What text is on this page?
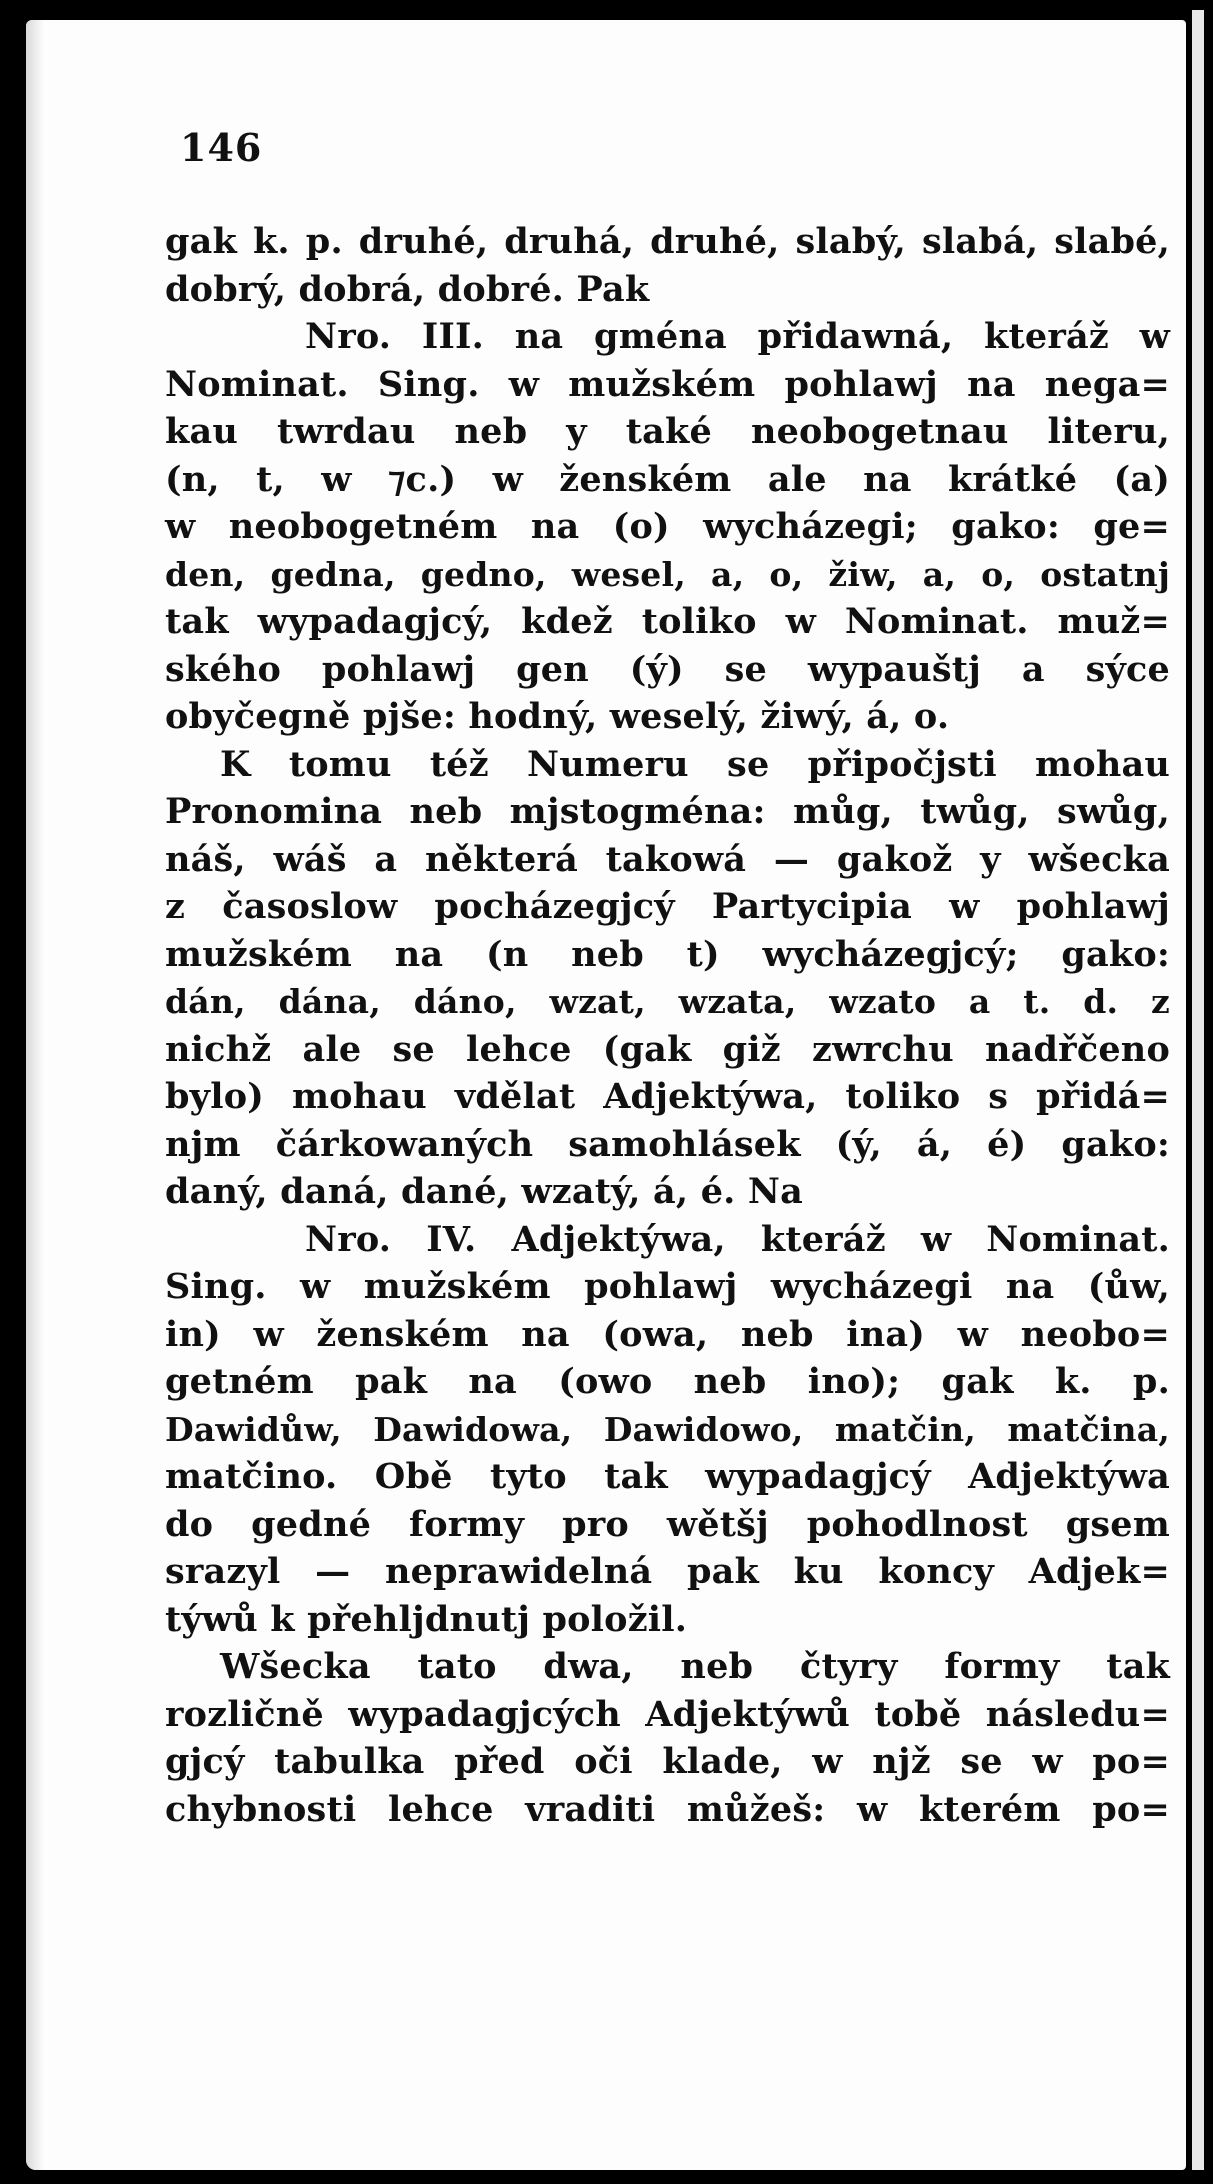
146
gak k. p. druhé, druhá, druhé, slabý, slabá, slabé,
dobrý, dobrá, dobré. Pak
Nro. III. na gména přidawná, kteráž w
Nominat. Sing. w mužském pohlawj na nega=
kau twrdau neb y také neobogetnau literu,
(n, t, w ⁊c.) w ženském ale na krátké (a)
w neobogetném na (o) wycházegi; gako: ge=
den, gedna, gedno, wesel, a, o, žiw, a, o, ostatnj
tak wypadagjcý, kdež toliko w Nominat. muž=
ského pohlawj gen (ý) se wypauštj a sýce
obyčegně pjše: hodný, weselý, žiwý, á, o.
K tomu též Numeru se připočjsti mohau
Pronomina neb mjstogména: můg, twůg, swůg,
náš, wáš a některá takowá — gakož y wšecka
z časoslow pocházegjcý Partycipia w pohlawj
mužském na (n neb t) wycházegjcý; gako:
dán, dána, dáno, wzat, wzata, wzato a t. d. z
nichž ale se lehce (gak giž zwrchu nadřčeno
bylo) mohau vdělat Adjektýwa, toliko s přidá=
njm čárkowaných samohlásek (ý, á, é) gako:
daný, daná, dané, wzatý, á, é. Na
Nro. IV. Adjektýwa, kteráž w Nominat.
Sing. w mužském pohlawj wycházegi na (ůw,
in) w ženském na (owa, neb ina) w neobo=
getném pak na (owo neb ino); gak k. p.
Dawidůw, Dawidowa, Dawidowo, matčin, matčina,
matčino. Obě tyto tak wypadagjcý Adjektýwa
do gedné formy pro wětšj pohodlnost gsem
srazyl — neprawidelná pak ku koncy Adjek=
týwů k přehljdnutj položil.
Wšecka tato dwa, neb čtyry formy tak
rozličně wypadagjcých Adjektýwů tobě následu=
gjcý tabulka před oči klade, w njž se w po=
chybnosti lehce vraditi můžeš: w kterém po=
